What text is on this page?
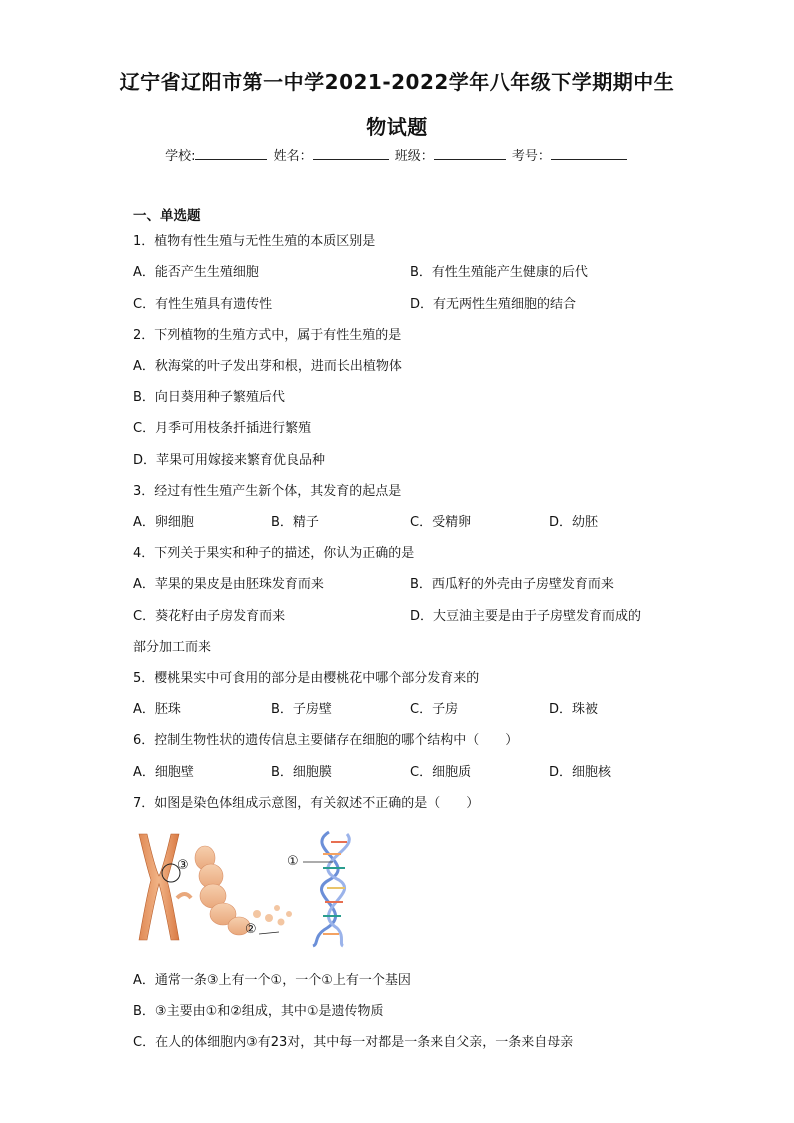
辽宁省辽阳市第一中学2021-2022学年八年级下学期期中生
物试题
学校:	姓名：	班级：	考号：
一、单选题
1．植物有性生殖与无性生殖的本质区别是
A．能否产生生殖细胞	B．有性生殖能产生健康的后代
C．有性生殖具有遗传性	D．有无两性生殖细胞的结合
2．下列植物的生殖方式中，属于有性生殖的是
A．秋海棠的叶子发出芽和根，进而长出植物体
B．向日葵用种子繁殖后代
C．月季可用枝条扦插进行繁殖
D．苹果可用嫁接来繁育优良品种
3．经过有性生殖产生新个体，其发育的起点是
A．卵细胞	B．精子	C．受精卵	D．幼胚
4．下列关于果实和种子的描述，你认为正确的是
A．苹果的果皮是由胚珠发育而来	B．西瓜籽的外壳由子房壁发育而来
C．葵花籽由子房发育而来	D．大豆油主要是由于子房壁发育而成的
部分加工而来
5．樱桃果实中可食用的部分是由樱桃花中哪个部分发育来的
A．胚珠	B．子房壁	C．子房	D．珠被
6．控制生物性状的遗传信息主要储存在细胞的哪个结构中（　　）
A．细胞壁	B．细胞膜	C．细胞质	D．细胞核
7．如图是染色体组成示意图，有关叙述不正确的是（　　）
③	①
②
A．通常一条③上有一个①，一个①上有一个基因
B．③主要由①和②组成，其中①是遗传物质
C．在人的体细胞内③有23对，其中每一对都是一条来自父亲，一条来自母亲
